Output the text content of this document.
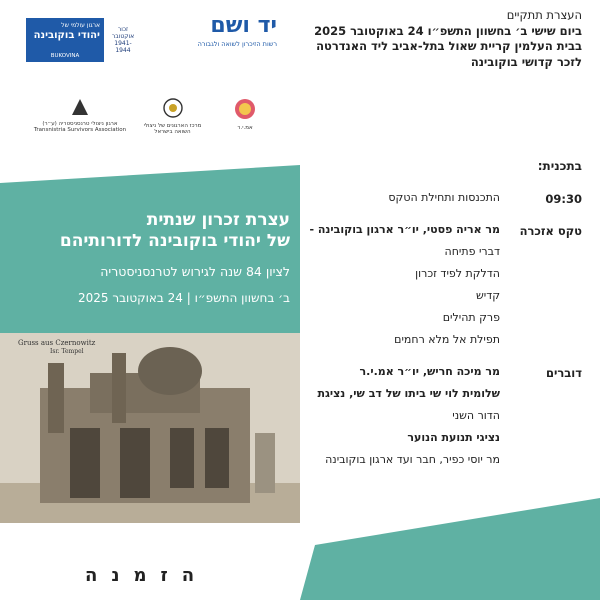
העצרת תתקיים
ביום שישי ב׳ בחשוון התשפ״ו 24 באוקטובר 2025
בבית העלמין קריית שאול בתל-אביב ליד האנדרטה
לזכר קדושי בוקובינה
ארגון עולמי של
יהודי בוקובינה
BUKOVINA
זכור אוקטובר 1941-1944
יד ושם
רשות הזיכרון לשואה ולגבורה
ארגון ניצולי טרנסניסטריה (ע״ר) Transnistria Survivors Association
מרכז הארגונים של ניצולי השואה בישראל
אמ.י.ר
עצרת זכרון שנתית
של יהודי בוקובינה לדורותיהם
לציון 84 שנה לגירוש לטרנסניסטריה
ב׳ בחשוון התשפ״ו | 24 באוקטובר 2025
Gruss aus Czernowitz
Isr. Tempel
הזמנה
בתכנית:
09:30
התכנסות ותחילת הטקס
טקס אזכרה
מר אריה פסטי, יו״ר ארגון בוקובינה -
דברי פתיחה
הדלקת לפיד זכרון
קדיש
פרק תהילים
תפילת אל מלא רחמים
דוברים
מר מיכה חריש, יו״ר אמ.י.ר
שלומית לוי שי ביתו של דב שי, נציגת
הדור השני
נציגי תנועת הנוער
מר יוסי כפיר, חבר ועד ארגון בוקובינה
